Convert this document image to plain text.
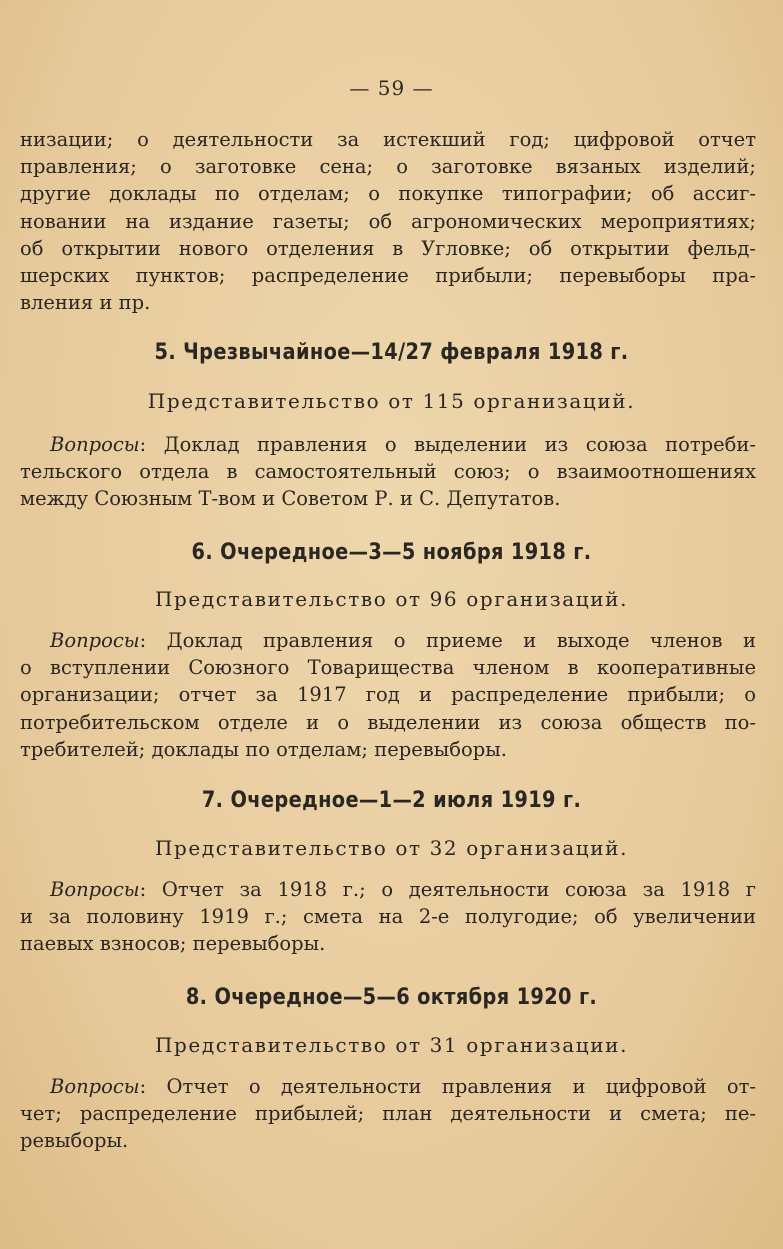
— 59 —
низации; о деятельности за истекший год; цифровой отчет
правления; о заготовке сена; о заготовке вязаных изделий;
другие доклады по отделам; о покупке типографии; об ассиг-
новании на издание газеты; об агрономических мероприятиях;
об открытии нового отделения в Угловке; об открытии фельд-
шерских пунктов; распределение прибыли; перевыборы пра-
вления и пр.
5. Чрезвычайное—14/27 февраля 1918 г.
Представительство от 115 организаций.
Вопросы: Доклад правления о выделении из союза потреби-
тельского отдела в самостоятельный союз; о взаимоотношениях
между Союзным Т-вом и Советом Р. и С. Депутатов.
6. Очередное—3—5 ноября 1918 г.
Представительство от 96 организаций.
Вопросы: Доклад правления о приеме и выходе членов и
о вступлении Союзного Товарищества членом в кооперативные
организации; отчет за 1917 год и распределение прибыли; о
потребительском отделе и о выделении из союза обществ по-
требителей; доклады по отделам; перевыборы.
7. Очередное—1—2 июля 1919 г.
Представительство от 32 организаций.
Вопросы: Отчет за 1918 г.; о деятельности союза за 1918 г
и за половину 1919 г.; смета на 2-е полугодие; об увеличении
паевых взносов; перевыборы.
8. Очередное—5—6 октября 1920 г.
Представительство от 31 организации.
Вопросы: Отчет о деятельности правления и цифровой от-
чет; распределение прибылей; план деятельности и смета; пе-
ревыборы.
